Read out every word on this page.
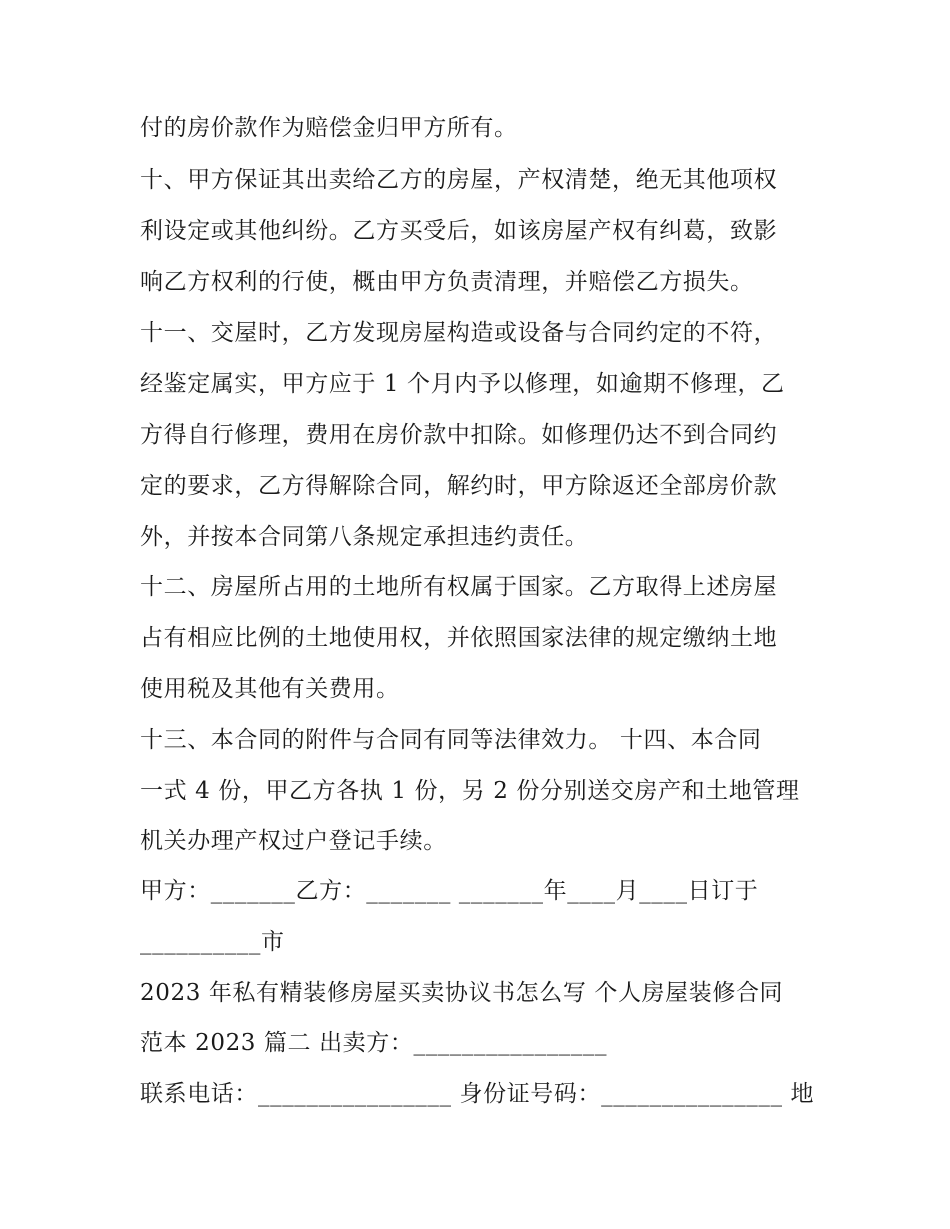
付的房价款作为赔偿金归甲方所有。

十、甲方保证其出卖给乙方的房屋，产权清楚，绝无其他项权

利设定或其他纠纷。乙方买受后，如该房屋产权有纠葛，致影

响乙方权利的行使，概由甲方负责清理，并赔偿乙方损失。

十一、交屋时，乙方发现房屋构造或设备与合同约定的不符，

经鉴定属实，甲方应于 1 个月内予以修理，如逾期不修理，乙

方得自行修理，费用在房价款中扣除。如修理仍达不到合同约

定的要求，乙方得解除合同，解约时，甲方除返还全部房价款

外，并按本合同第八条规定承担违约责任。

十二、房屋所占用的土地所有权属于国家。乙方取得上述房屋

占有相应比例的土地使用权，并依照国家法律的规定缴纳土地

使用税及其他有关费用。

十三、本合同的附件与合同有同等法律效力。 十四、本合同

一式 4 份，甲乙方各执 1 份，另 2 份分别送交房产和土地管理

机关办理产权过户登记手续。

甲方：_______乙方：_______ _______年____月____日订于

__________市

2023 年私有精装修房屋买卖协议书怎么写 个人房屋装修合同

范本 2023 篇二 出卖方：________________

联系电话：________________ 身份证号码：_______________ 地
